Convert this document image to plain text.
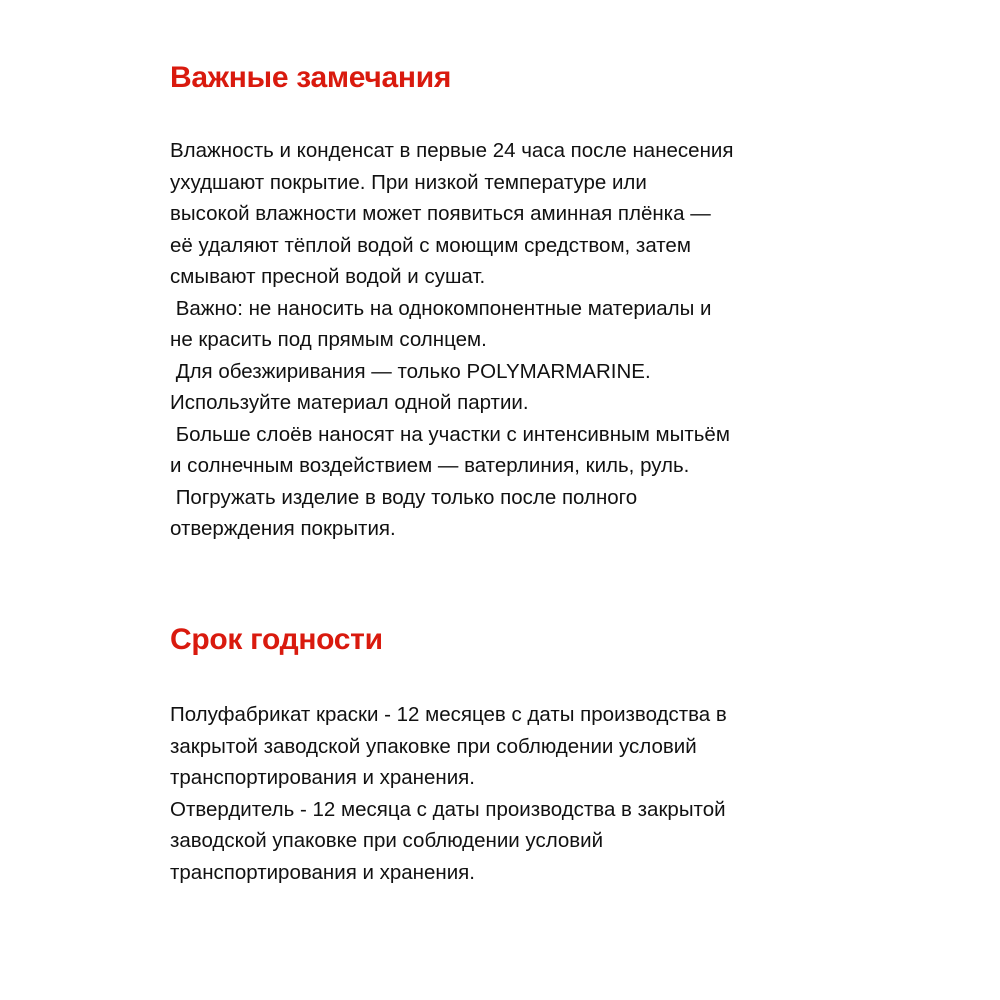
Важные замечания
Влажность и конденсат в первые 24 часа после нанесения
ухудшают покрытие. При низкой температуре или
высокой влажности может появиться аминная плёнка —
её удаляют тёплой водой с моющим средством, затем
смывают пресной водой и сушат.
Важно: не наносить на однокомпонентные материалы и
не красить под прямым солнцем.
Для обезжиривания — только POLYMARMARINE.
Используйте материал одной партии.
Больше слоёв наносят на участки с интенсивным мытьём
и солнечным воздействием — ватерлиния, киль, руль.
Погружать изделие в воду только после полного
отверждения покрытия.
Срок годности
Полуфабрикат краски - 12 месяцев с даты производства в
закрытой заводской упаковке при соблюдении условий
транспортирования и хранения.
Отвердитель - 12 месяца с даты производства в закрытой
заводской упаковке при соблюдении условий
транспортирования и хранения.
